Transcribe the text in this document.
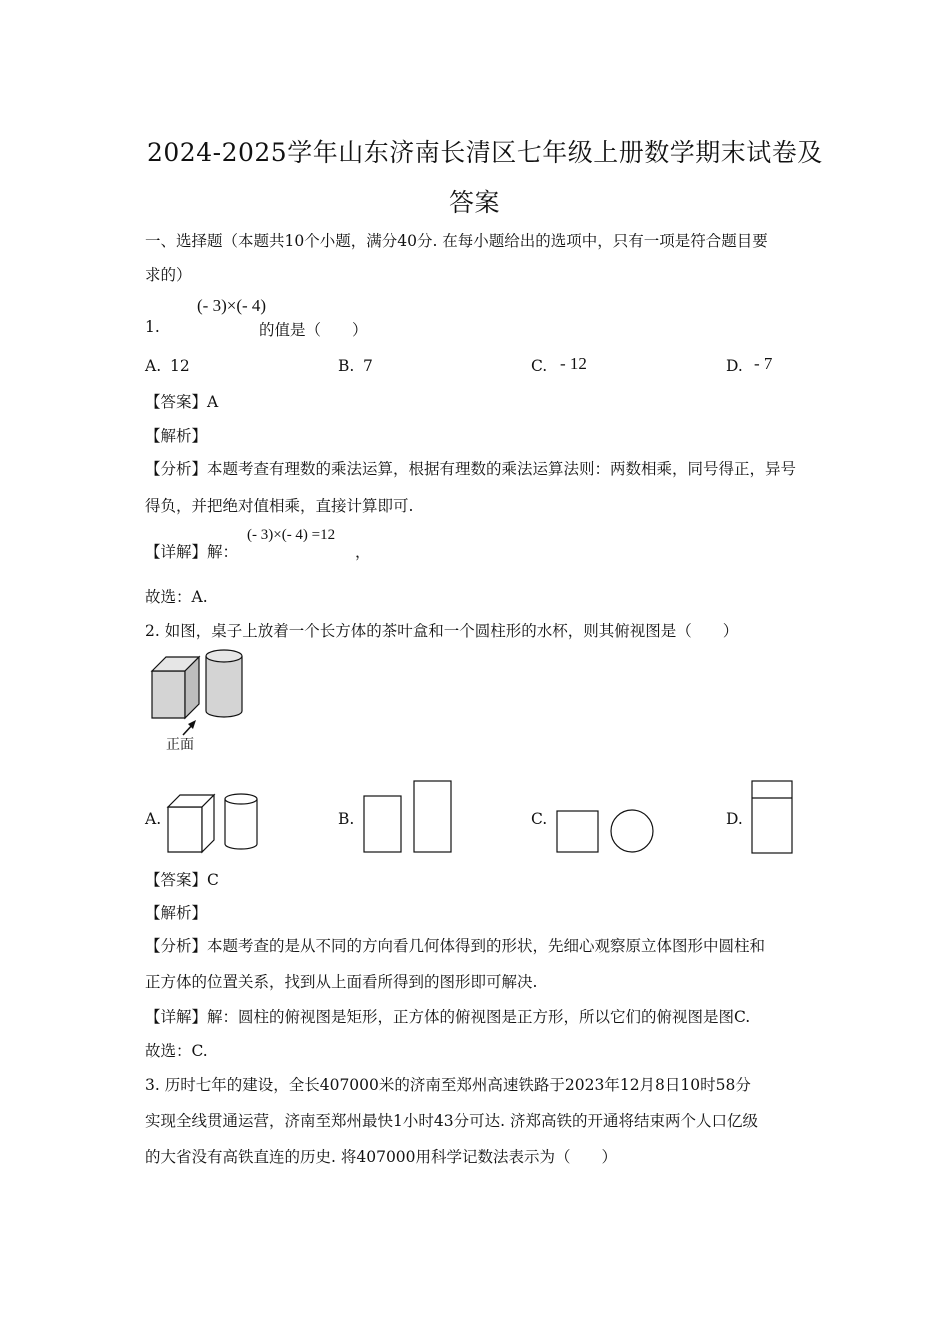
2024-2025学年山东济南长清区七年级上册数学期末试卷及
答案
一、选择题（本题共10个小题，满分40分. 在每小题给出的选项中，只有一项是符合题目要
求的）
(- 3)×(- 4)
1.	的值是（　　）
A. 12	B. 7	C. - 12	D. - 7
【答案】A
【解析】
【分析】本题考查有理数的乘法运算，根据有理数的乘法运算法则：两数相乘，同号得正，异号
得负，并把绝对值相乘，直接计算即可.
【详解】解：
(- 3)×(- 4) =12
，
故选：A.
2. 如图，桌子上放着一个长方体的茶叶盒和一个圆柱形的水杯，则其俯视图是（　　）
正面
A.	B.	C.	D.
【答案】C
【解析】
【分析】本题考查的是从不同的方向看几何体得到的形状，先细心观察原立体图形中圆柱和
正方体的位置关系，找到从上面看所得到的图形即可解决.
【详解】解：圆柱的俯视图是矩形，正方体的俯视图是正方形，所以它们的俯视图是图C.
故选：C.
3. 历时七年的建设，全长407000米的济南至郑州高速铁路于2023年12月8日10时58分
实现全线贯通运营，济南至郑州最快1小时43分可达. 济郑高铁的开通将结束两个人口亿级
的大省没有高铁直连的历史. 将407000用科学记数法表示为（　　）
